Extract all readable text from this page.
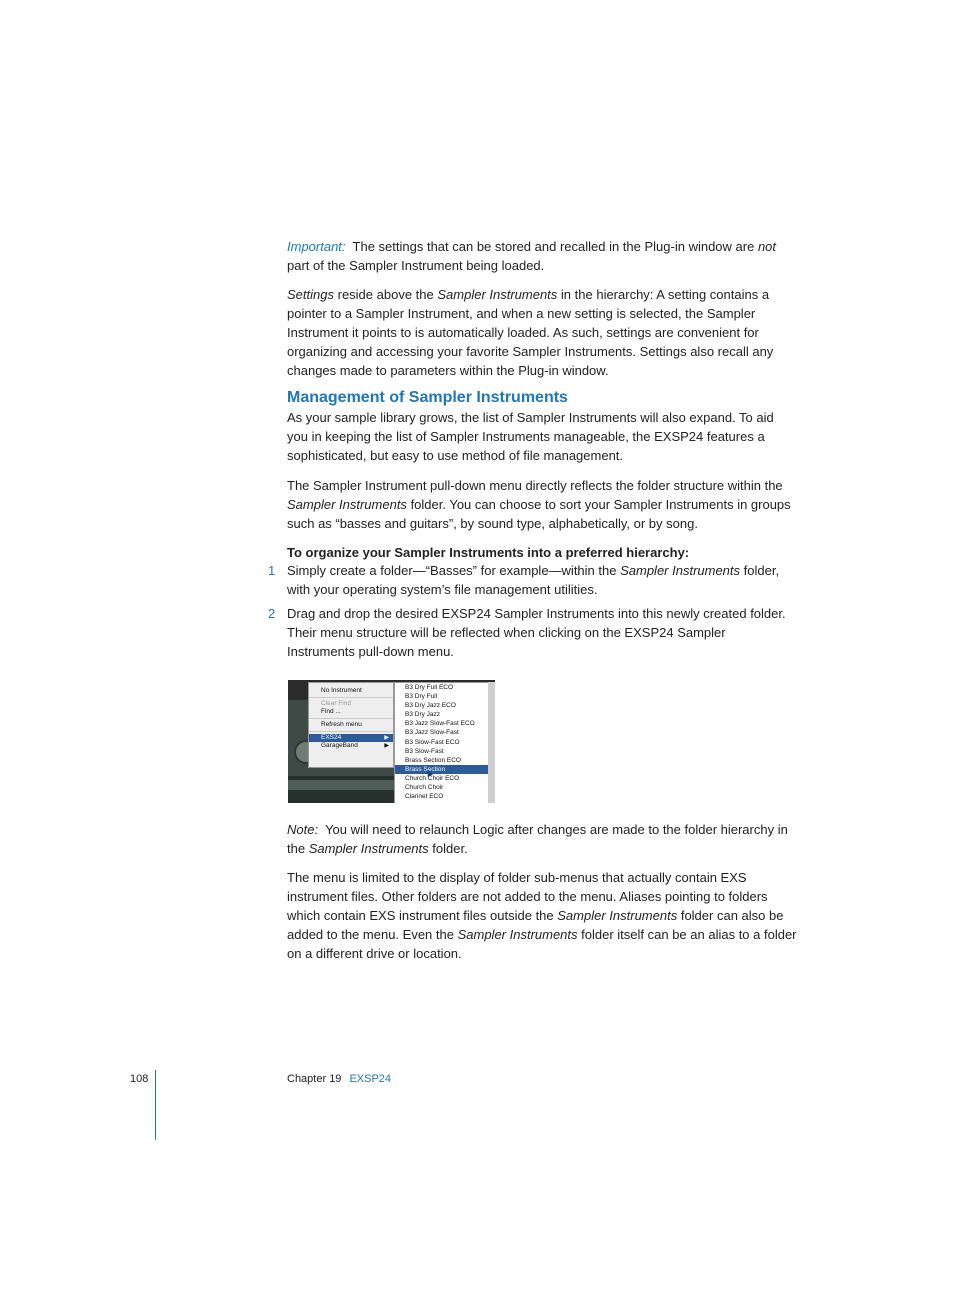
Important: The settings that can be stored and recalled in the Plug-in window are not part of the Sampler Instrument being loaded.

Settings reside above the Sampler Instruments in the hierarchy: A setting contains a pointer to a Sampler Instrument, and when a new setting is selected, the Sampler Instrument it points to is automatically loaded. As such, settings are convenient for organizing and accessing your favorite Sampler Instruments. Settings also recall any changes made to parameters within the Plug-in window.

Management of Sampler Instruments

As your sample library grows, the list of Sampler Instruments will also expand. To aid you in keeping the list of Sampler Instruments manageable, the EXSP24 features a sophisticated, but easy to use method of file management.

The Sampler Instrument pull-down menu directly reflects the folder structure within the Sampler Instruments folder. You can choose to sort your Sampler Instruments in groups such as “basses and guitars”, by sound type, alphabetically, or by song.

To organize your Sampler Instruments into a preferred hierarchy:

1 Simply create a folder—“Basses” for example—within the Sampler Instruments folder, with your operating system’s file management utilities.

2 Drag and drop the desired EXSP24 Sampler Instruments into this newly created folder. Their menu structure will be reflected when clicking on the EXSP24 Sampler Instruments pull-down menu.

No Instrument
Clear Find
Find ...
Refresh menu
EXS24	▶
GarageBand	▶
B3 Dry Full ECO
B3 Dry Full
B3 Dry Jazz ECO
B3 Dry Jazz
B3 Jazz Slow-Fast ECO
B3 Jazz Slow-Fast
B3 Slow-Fast ECO
B3 Slow-Fast
Brass Section ECO
Brass Section
Church Choir ECO
Church Choir
Clarinet ECO

Note: You will need to relaunch Logic after changes are made to the folder hierarchy in the Sampler Instruments folder.

The menu is limited to the display of folder sub-menus that actually contain EXS instrument files. Other folders are not added to the menu. Aliases pointing to folders which contain EXS instrument files outside the Sampler Instruments folder can also be added to the menu. Even the Sampler Instruments folder itself can be an alias to a folder on a different drive or location.

108	Chapter 19 EXSP24
